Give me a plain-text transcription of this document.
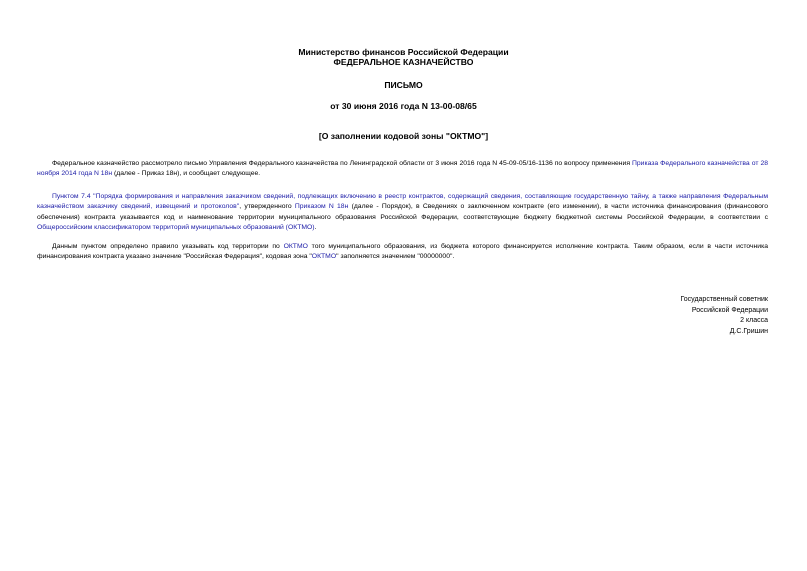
Министерство финансов Российской Федерации
ФЕДЕРАЛЬНОЕ КАЗНАЧЕЙСТВО
ПИСЬМО
от 30 июня 2016 года N 13-00-08/65
[О заполнении кодовой зоны "ОКТМО"]

Федеральное казначейство рассмотрело письмо Управления Федерального казначейства по Ленинградской области от 3 июня 2016 года N 45-09-05/16-1136 по вопросу применения Приказа Федерального казначейства от 28 ноября 2014 года N 18н (далее - Приказ 18н), и сообщает следующее.

Пунктом 7.4 "Порядка формирования и направления заказчиком сведений, подлежащих включению в реестр контрактов, содержащий сведения, составляющие государственную тайну, а также направления Федеральным казначейством заказчику сведений, извещений и протоколов", утвержденного Приказом N 18н (далее - Порядок), в Сведениях о заключенном контракте (его изменении), в части источника финансирования (финансового обеспечения) контракта указывается код и наименование территории муниципального образования Российской Федерации, соответствующие бюджету бюджетной системы Российской Федерации, в соответствии с Общероссийским классификатором территорий муниципальных образований (ОКТМО).

Данным пунктом определено правило указывать код территории по ОКТМО того муниципального образования, из бюджета которого финансируется исполнение контракта. Таким образом, если в части источника финансирования контракта указано значение "Российская Федерация", кодовая зона "ОКТМО" заполняется значением "00000000".

Государственный советник
Российской Федерации
2 класса
Д.С.Гришин
